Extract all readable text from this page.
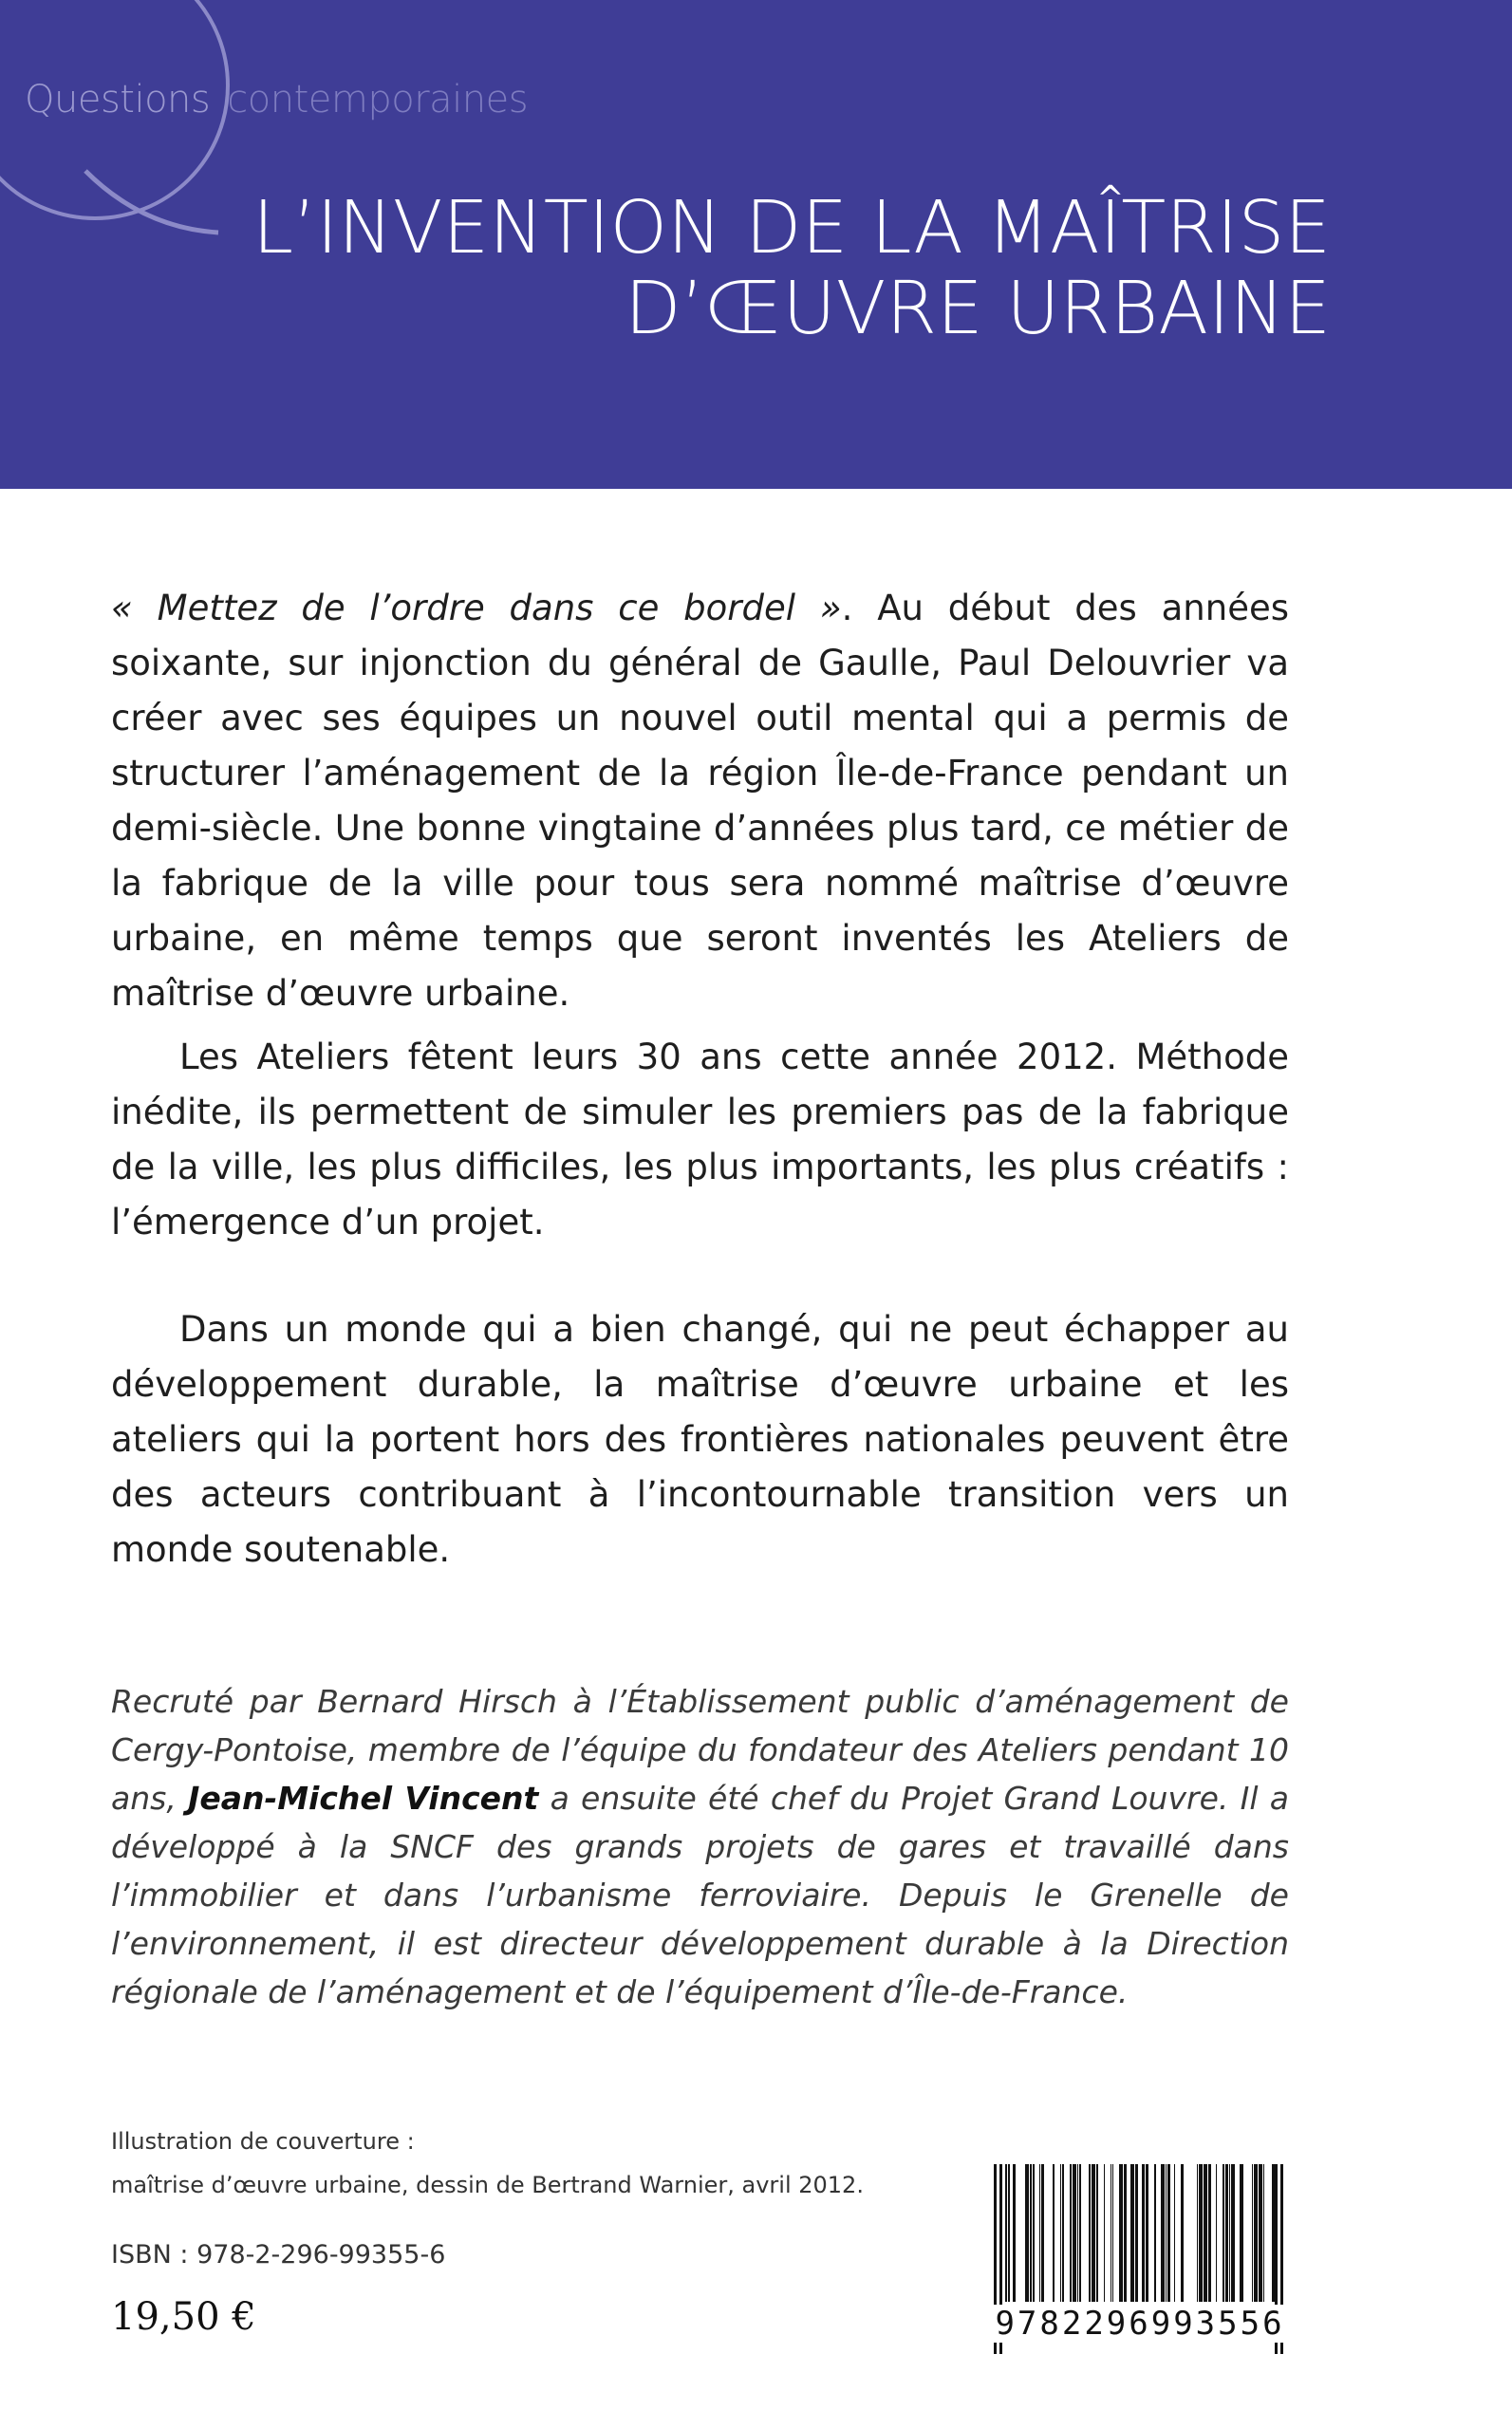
Questions contemporaines
L’INVENTION DE LA MAÎTRISE
D’ŒUVRE URBAINE

« Mettez de l’ordre dans ce bordel ». Au début des années soixante, sur injonction du général de Gaulle, Paul Delouvrier va créer avec ses équipes un nouvel outil mental qui a permis de structurer l’aménagement de la région Île-de-France pendant un demi-siècle. Une bonne vingtaine d’années plus tard, ce métier de la fabrique de la ville pour tous sera nommé maîtrise d’œuvre urbaine, en même temps que seront inventés les Ateliers de maîtrise d’œuvre urbaine.

Les Ateliers fêtent leurs 30 ans cette année 2012. Méthode inédite, ils permettent de simuler les premiers pas de la fabrique de la ville, les plus difficiles, les plus importants, les plus créatifs : l’émergence d’un projet.

Dans un monde qui a bien changé, qui ne peut échapper au développement durable, la maîtrise d’œuvre urbaine et les ateliers qui la portent hors des frontières nationales peuvent être des acteurs contribuant à l’incontournable transition vers un monde soutenable.

Recruté par Bernard Hirsch à l’Établissement public d’aménagement de Cergy-Pontoise, membre de l’équipe du fondateur des Ateliers pendant 10 ans, Jean-Michel Vincent a ensuite été chef du Projet Grand Louvre. Il a développé à la SNCF des grands projets de gares et travaillé dans l’immobilier et dans l’urbanisme ferroviaire. Depuis le Grenelle de l’environnement, il est directeur développement durable à la Direction régionale de l’aménagement et de l’équipement d’Île-de-France.

Illustration de couverture :
maîtrise d’œuvre urbaine, dessin de Bertrand Warnier, avril 2012.
ISBN : 978-2-296-99355-6
19,50 €	9782296993556
